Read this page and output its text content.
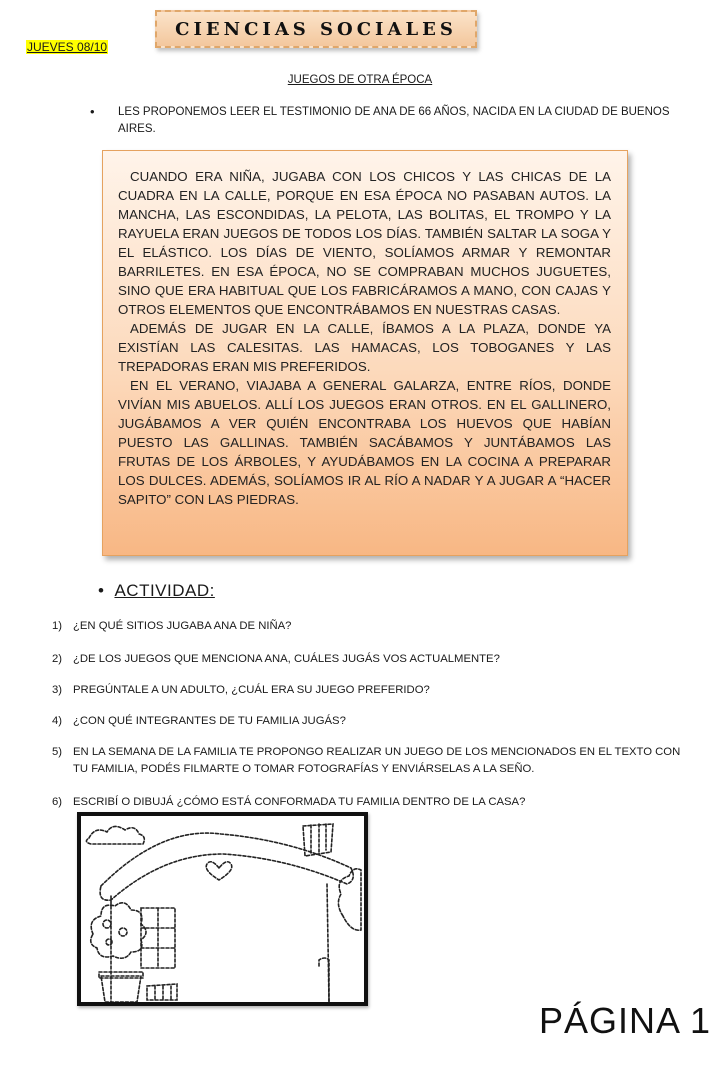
CIENCIAS SOCIALES
JUEVES 08/10
JUEGOS DE OTRA ÉPOCA
•	LES PROPONEMOS LEER EL TESTIMONIO DE ANA DE 66 AÑOS, NACIDA EN LA CIUDAD DE BUENOS AIRES.

CUANDO ERA NIÑA, JUGABA CON LOS CHICOS Y LAS CHICAS DE LA CUADRA EN LA CALLE, PORQUE EN ESA ÉPOCA NO PASABAN AUTOS. LA MANCHA, LAS ESCONDIDAS, LA PELOTA, LAS BOLITAS, EL TROMPO Y LA RAYUELA ERAN JUEGOS DE TODOS LOS DÍAS. TAMBIÉN SALTAR LA SOGA Y EL ELÁSTICO. LOS DÍAS DE VIENTO, SOLÍAMOS ARMAR Y REMONTAR BARRILETES. EN ESA ÉPOCA, NO SE COMPRABAN MUCHOS JUGUETES, SINO QUE ERA HABITUAL QUE LOS FABRICÁRAMOS A MANO, CON CAJAS Y OTROS ELEMENTOS QUE ENCONTRÁBAMOS EN NUESTRAS CASAS.

ADEMÁS DE JUGAR EN LA CALLE, ÍBAMOS A LA PLAZA, DONDE YA EXISTÍAN LAS CALESITAS. LAS HAMACAS, LOS TOBOGANES Y LAS TREPADORAS ERAN MIS PREFERIDOS.

EN EL VERANO, VIAJABA A GENERAL GALARZA, ENTRE RÍOS, DONDE VIVÍAN MIS ABUELOS. ALLÍ LOS JUEGOS ERAN OTROS. EN EL GALLINERO, JUGÁBAMOS A VER QUIÉN ENCONTRABA LOS HUEVOS QUE HABÍAN PUESTO LAS GALLINAS. TAMBIÉN SACÁBAMOS Y JUNTÁBAMOS LAS FRUTAS DE LOS ÁRBOLES, Y AYUDÁBAMOS EN LA COCINA A PREPARAR LOS DULCES. ADEMÁS, SOLÍAMOS IR AL RÍO A NADAR Y A JUGAR A “HACER SAPITO” CON LAS PIEDRAS.

• ACTIVIDAD:
1) ¿EN QUÉ SITIOS JUGABA ANA DE NIÑA?
2) ¿DE LOS JUEGOS QUE MENCIONA ANA, CUÁLES JUGÁS VOS ACTUALMENTE?
3) PREGÚNTALE A UN ADULTO, ¿CUÁL ERA SU JUEGO PREFERIDO?
4) ¿CON QUÉ INTEGRANTES DE TU FAMILIA JUGÁS?
5) EN LA SEMANA DE LA FAMILIA TE PROPONGO REALIZAR UN JUEGO DE LOS MENCIONADOS EN EL TEXTO CON TU FAMILIA, PODÉS FILMARTE O TOMAR FOTOGRAFÍAS Y ENVIÁRSELAS A LA SEÑO.
6) ESCRIBÍ O DIBUJÁ ¿CÓMO ESTÁ CONFORMADA TU FAMILIA DENTRO DE LA CASA?
PÁGINA 1
